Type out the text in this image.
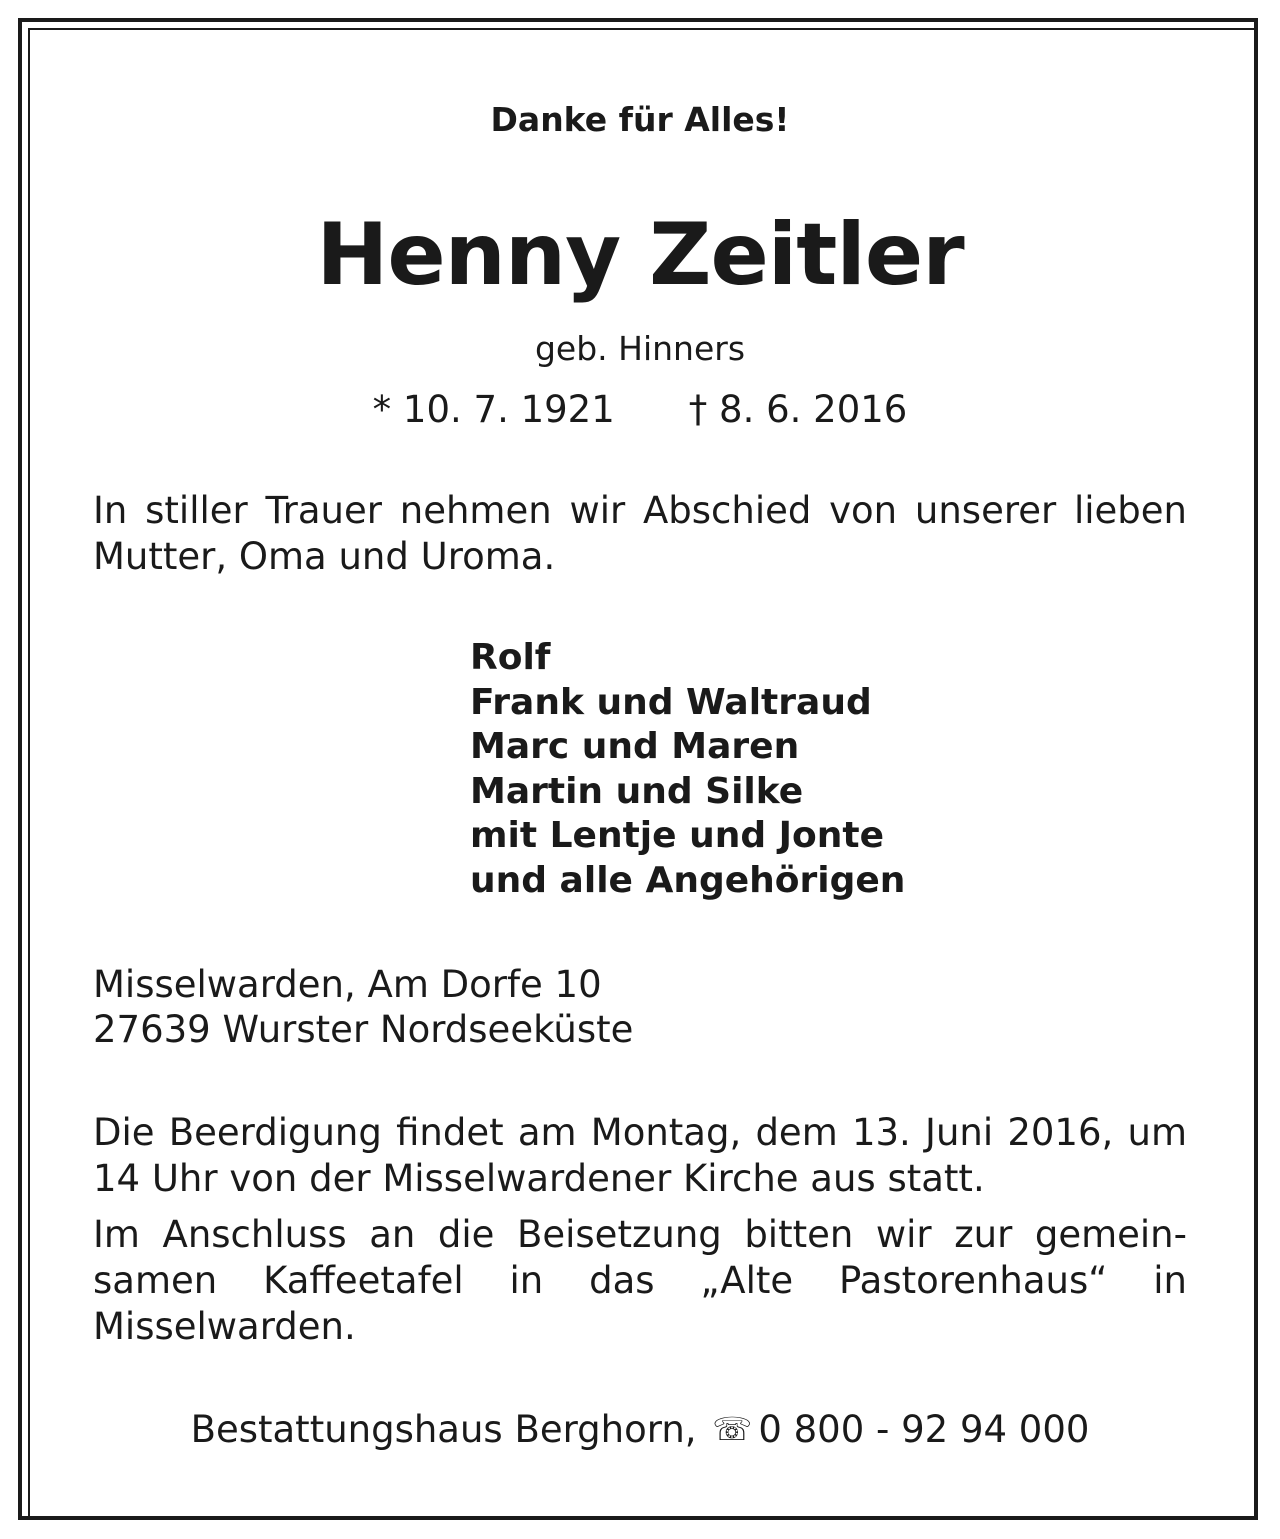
Danke für Alles!
Henny Zeitler
geb. Hinners
* 10. 7. 1921 † 8. 6. 2016
In stiller Trauer nehmen wir Abschied von unserer lieben Mutter, Oma und Uroma.
Rolf
Frank und Waltraud
Marc und Maren
Martin und Silke
mit Lentje und Jonte
und alle Angehörigen
Misselwarden, Am Dorfe 10
27639 Wurster Nordseeküste
Die Beerdigung findet am Montag, dem 13. Juni 2016, um 14 Uhr von der Misselwardener Kirche aus statt.
Im Anschluss an die Beisetzung bitten wir zur gemeinsamen Kaffeetafel in das „Alte Pastorenhaus“ in Misselwarden.
Bestattungshaus Berghorn, ☏ 0 800 - 92 94 000
